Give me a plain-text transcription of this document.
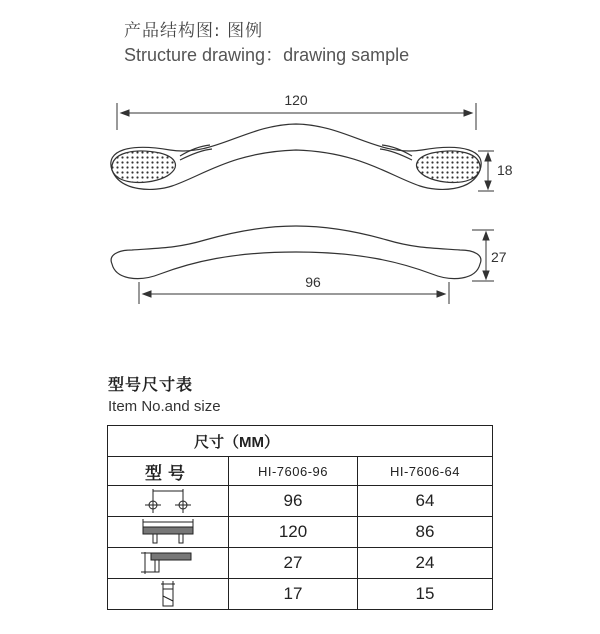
产品结构图: 图例
Structure drawing：drawing sample
120
18
27
96
型号尺寸表
Item No.and size
尺寸（MM）		
型号	HI-7606-96	HI-7606-64

	96	64

	120	86

	27	24

	17	15
